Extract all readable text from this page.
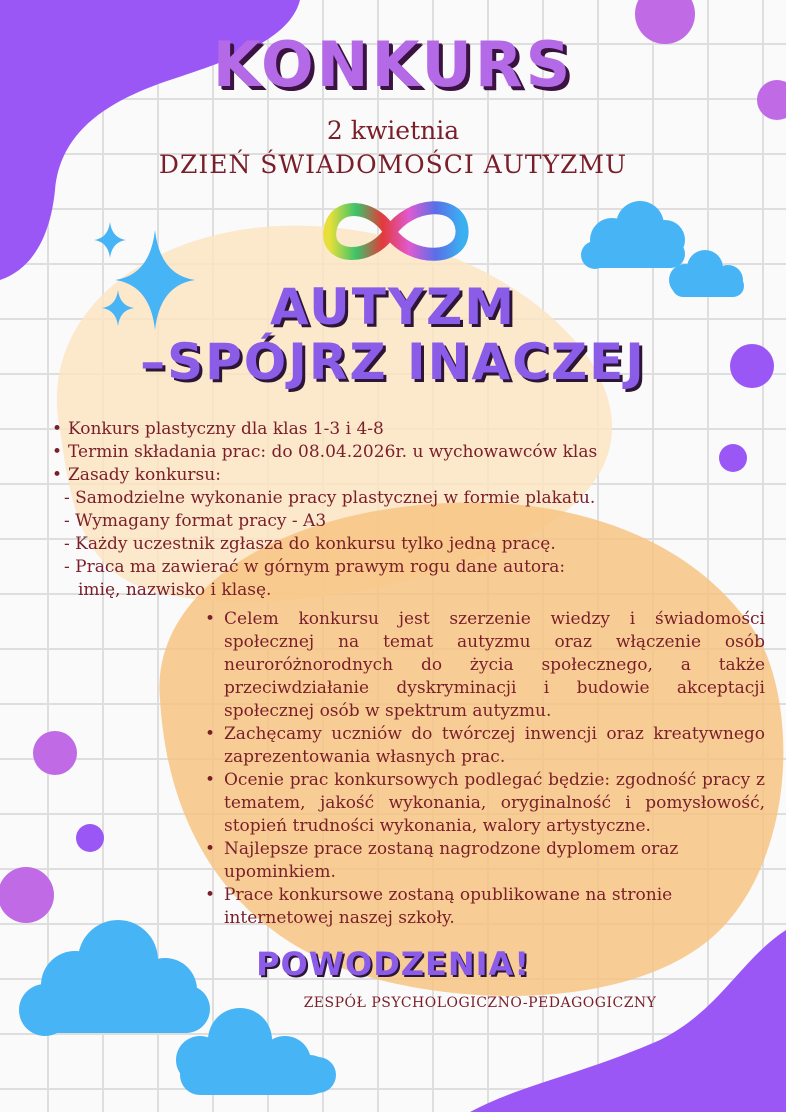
KONKURS
2 kwietnia
DZIEŃ ŚWIADOMOŚCI AUTYZMU
AUTYZM
–SPÓJRZ INACZEJ
• Konkurs plastyczny dla klas 1-3 i 4-8
• Termin składania prac: do 08.04.2026r. u wychowawców klas
• Zasady konkursu:
- Samodzielne wykonanie pracy plastycznej w formie plakatu.
- Wymagany format pracy - A3
- Każdy uczestnik zgłasza do konkursu tylko jedną pracę.
- Praca ma zawierać w górnym prawym rogu dane autora:
imię, nazwisko i klasę.
• Celem konkursu jest szerzenie wiedzy i świadomości społecznej na temat autyzmu oraz włączenie osób neuroróżnorodnych do życia społecznego, a także przeciwdziałanie dyskryminacji i budowie akceptacji społecznej osób w spektrum autyzmu.
• Zachęcamy uczniów do twórczej inwencji oraz kreatywnego zaprezentowania własnych prac.
• Ocenie prac konkursowych podlegać będzie: zgodność pracy z tematem, jakość wykonania, oryginalność i pomysłowość, stopień trudności wykonania, walory artystyczne.
• Najlepsze prace zostaną nagrodzone dyplomem oraz upominkiem.
• Prace konkursowe zostaną opublikowane na stronie internetowej naszej szkoły.
POWODZENIA!
ZESPÓŁ PSYCHOLOGICZNO-PEDAGOGICZNY
